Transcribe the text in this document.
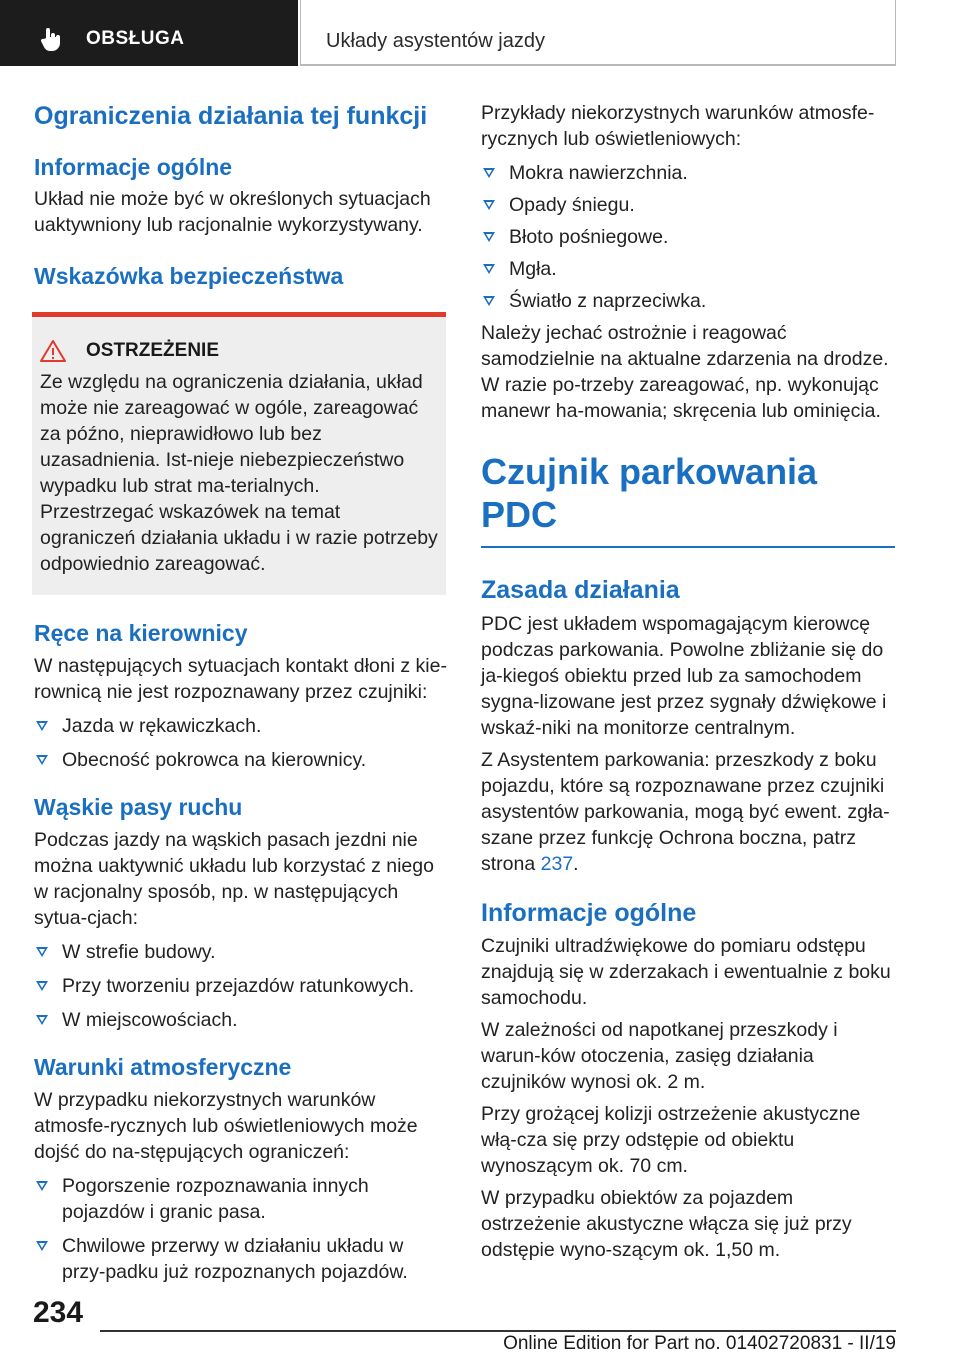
OBSŁUGA	Układy asystentów jazdy
Ograniczenia działania tej funkcji
Informacje ogólne

Układ nie może być w określonych sytuacjach uaktywniony lub racjonalnie wykorzystywany.

Wskazówka bezpieczeństwa
OSTRZEŻENIE

Ze względu na ograniczenia działania, układ może nie zareagować w ogóle, zareagować za późno, nieprawidłowo lub bez uzasadnienia. Ist-nieje niebezpieczeństwo wypadku lub strat ma-terialnych. Przestrzegać wskazówek na temat ograniczeń działania układu i w razie potrzeby odpowiednio zareagować.

Ręce na kierownicy

W następujących sytuacjach kontakt dłoni z kie-rownicą nie jest rozpoznawany przez czujniki:

Jazda w rękawiczkach.
Obecność pokrowca na kierownicy.
Wąskie pasy ruchu

Podczas jazdy na wąskich pasach jezdni nie można uaktywnić układu lub korzystać z niego w racjonalny sposób, np. w następujących sytua-cjach:

W strefie budowy.
Przy tworzeniu przejazdów ratunkowych.
W miejscowościach.
Warunki atmosferyczne

W przypadku niekorzystnych warunków atmosfe-rycznych lub oświetleniowych może dojść do na-stępujących ograniczeń:

Pogorszenie rozpoznawania innych pojazdów i granic pasa.
Chwilowe przerwy w działaniu układu w przy-padku już rozpoznanych pojazdów.

Przykłady niekorzystnych warunków atmosfe-rycznych lub oświetleniowych:

Mokra nawierzchnia.
Opady śniegu.
Błoto pośniegowe.
Mgła.
Światło z naprzeciwka.

Należy jechać ostrożnie i reagować samodzielnie na aktualne zdarzenia na drodze. W razie po-trzeby zareagować, np. wykonując manewr ha-mowania; skręcenia lub ominięcia.

Czujnik parkowania PDC
Zasada działania

PDC jest układem wspomagającym kierowcę podczas parkowania. Powolne zbliżanie się do ja-kiegoś obiektu przed lub za samochodem sygna-lizowane jest przez sygnały dźwiękowe i wskaź-niki na monitorze centralnym.

Z Asystentem parkowania: przeszkody z boku pojazdu, które są rozpoznawane przez czujniki asystentów parkowania, mogą być ewent. zgła-szane przez funkcję Ochrona boczna, patrz strona 237.

Informacje ogólne

Czujniki ultradźwiękowe do pomiaru odstępu znajdują się w zderzakach i ewentualnie z boku samochodu.

W zależności od napotkanej przeszkody i warun-ków otoczenia, zasięg działania czujników wynosi ok. 2 m.

Przy grożącej kolizji ostrzeżenie akustyczne włą-cza się przy odstępie od obiektu wynoszącym ok. 70 cm.

W przypadku obiektów za pojazdem ostrzeżenie akustyczne włącza się już przy odstępie wyno-szącym ok. 1,50 m.

234
Online Edition for Part no. 01402720831 - II/19
